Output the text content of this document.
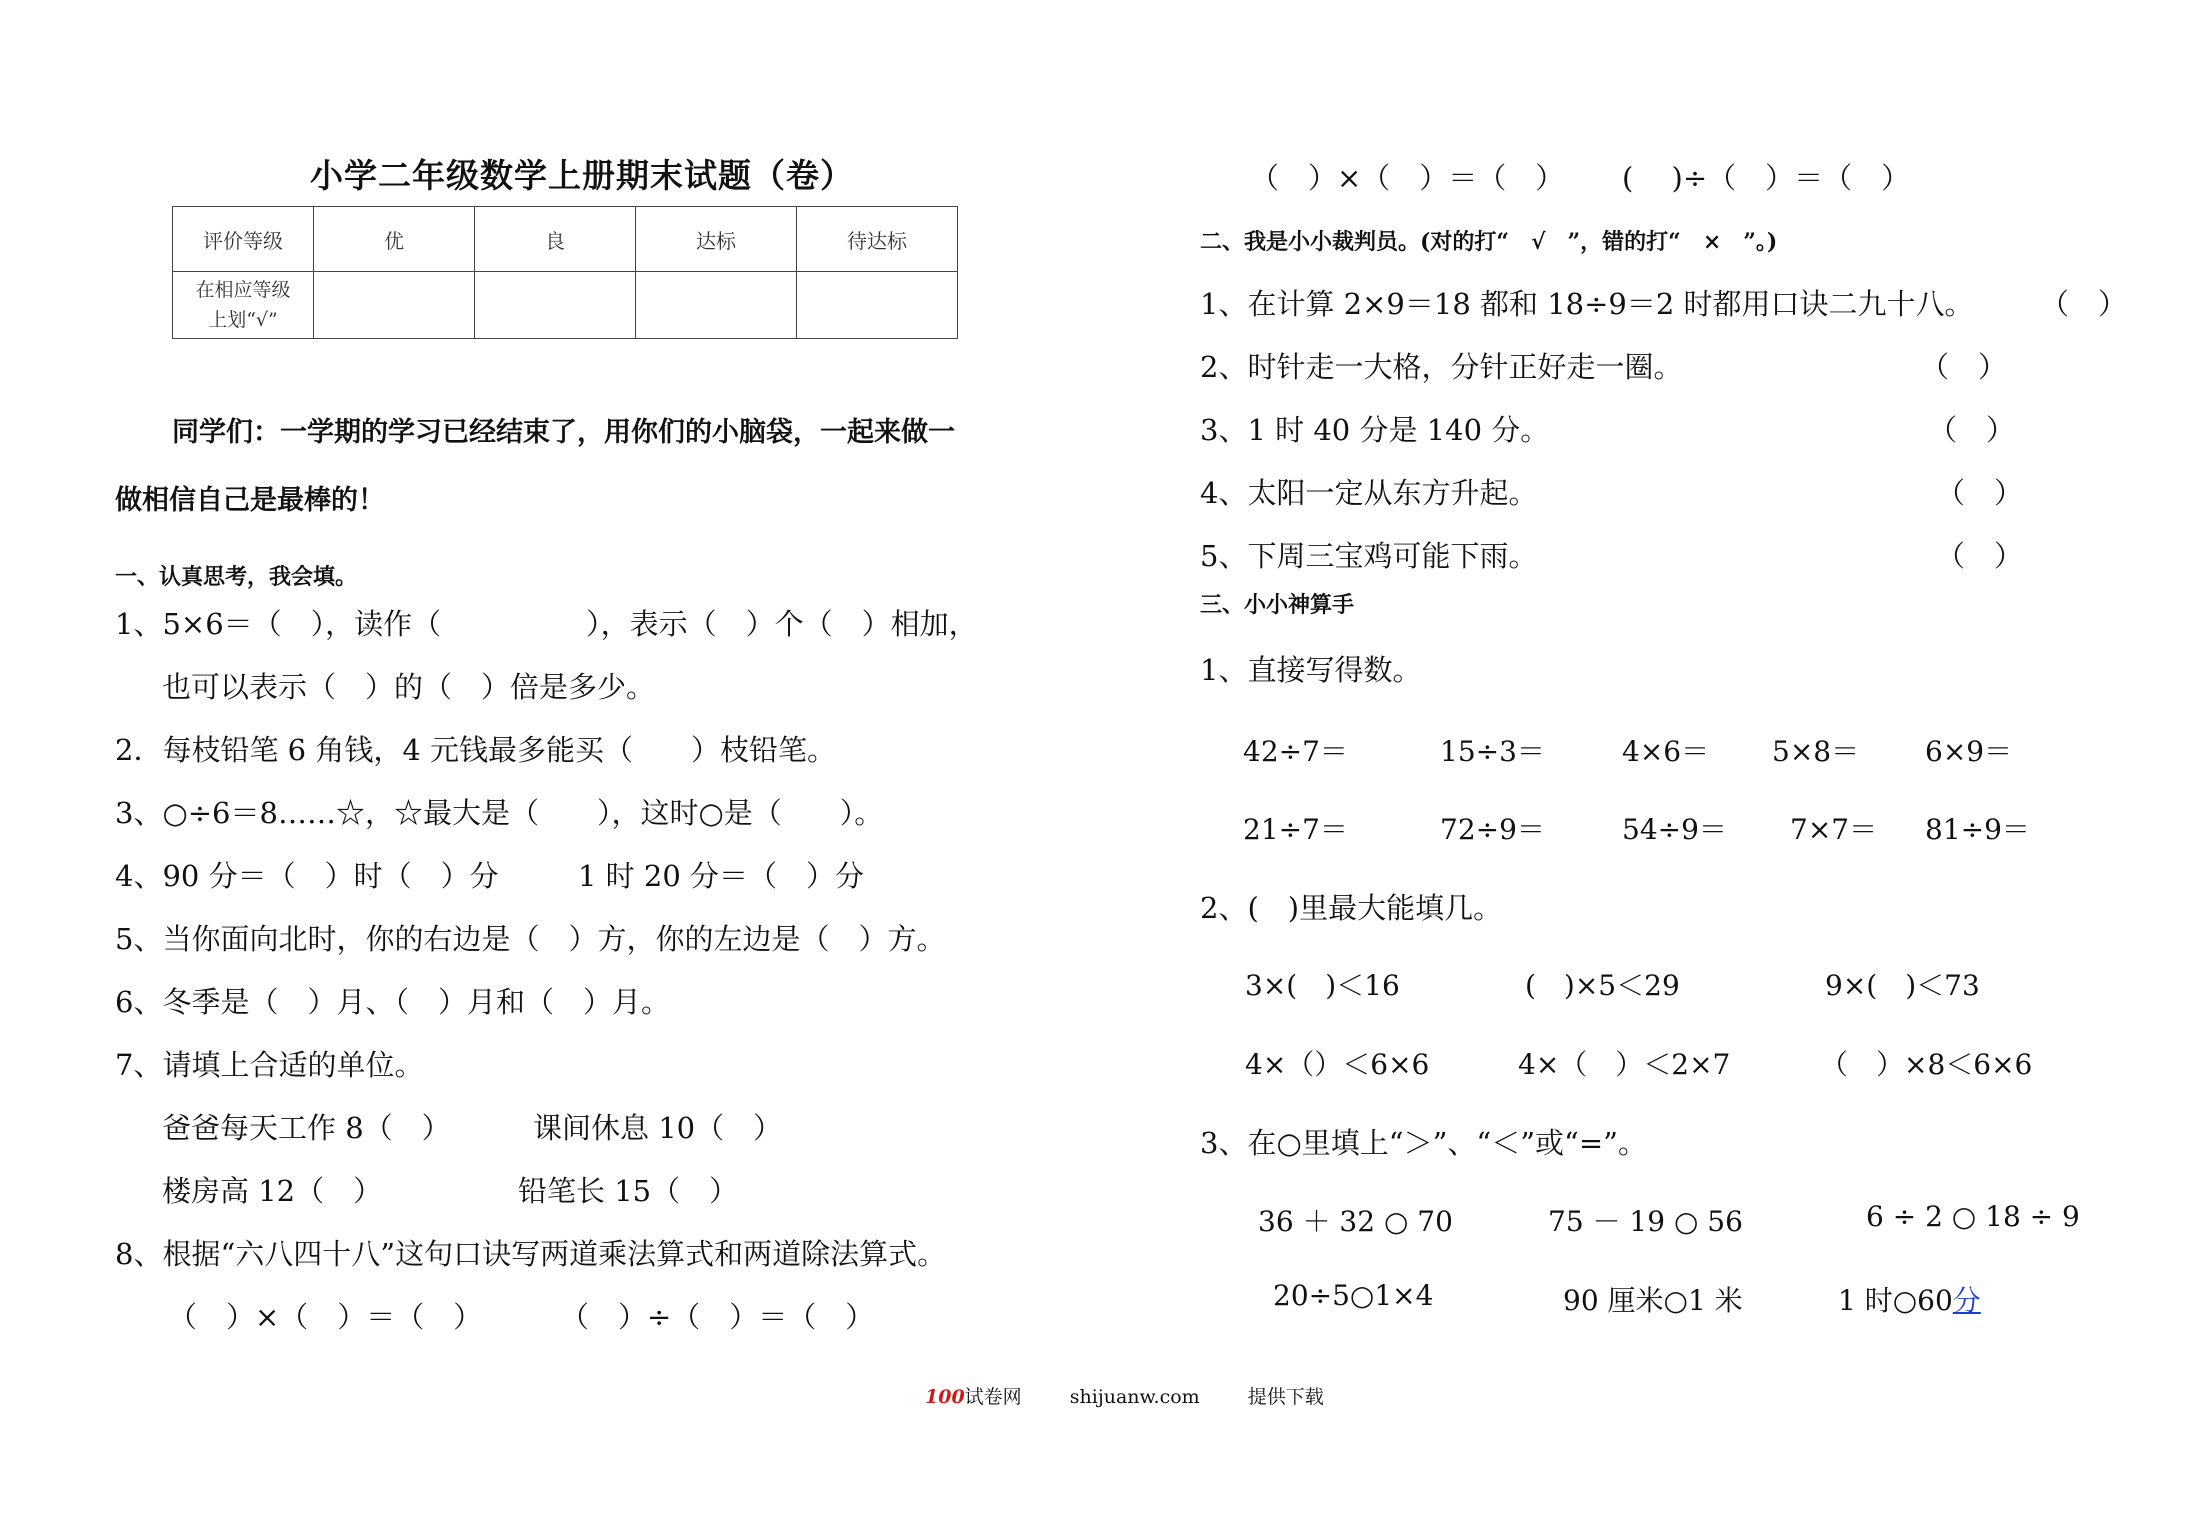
小学二年级数学上册期末试题（卷）
评价等级	优	良	达标	待达标

在相应等级
上划“√”				

同学们：一学期的学习已经结束了，用你们的小脑袋，一起来做一
做相信自己是最棒的！
一、认真思考，我会填。
1、5×6＝（　），读作（　　　　　），表示（　）个（　）相加，
也可以表示（　）的（　）倍是多少。
2．每枝铅笔 6 角钱，4 元钱最多能买（　　）枝铅笔。
3、○÷6＝8……☆，☆最大是（　　），这时○是（　　）。
4、90 分＝（　）时（　）分	1 时 20 分＝（　）分
5、当你面向北时，你的右边是（　）方，你的左边是（　）方。
6、冬季是（　）月、（　）月和（　）月。
7、请填上合适的单位。
爸爸每天工作 8（　）	课间休息 10（　）
楼房高 12（　）	铅笔长 15（　）
8、根据“六八四十八”这句口诀写两道乘法算式和两道除法算式。
（　）×（　）＝（　）	（　）÷（　）＝（　）
（　）×（　）＝（　） (　 )÷（　）＝（　）
二、我是小小裁判员。(对的打“　√　”，错的打“　×　”。)
1、在计算 2×9＝18 都和 18÷9＝2 时都用口诀二九十八。 （　）
2、时针走一大格，分针正好走一圈。	（　）
3、1 时 40 分是 140 分。	（　）
4、太阳一定从东方升起。	（　）
5、下周三宝鸡可能下雨。	（　）
三、小小神算手
1、直接写得数。
42÷7＝	15÷3＝	4×6＝ 5×8＝ 6×9＝
21÷7＝	72÷9＝	54÷9＝ 7×7＝ 81÷9＝
2、(　)里最大能填几。
3×(　)＜16	(　)×5＜29	9×(　)＜73
4×（）＜6×6	4×（　）＜2×7	（　）×8＜6×6
3、在○里填上“＞”、“＜”或“=”。
36 ＋ 32 ○ 70	75 － 19 ○ 56	6 ÷ 2 ○ 18 ÷ 9
20÷5○1×4	90 厘米○1 米	1 时○60分
100试卷网	shijuanw.com	提供下载
